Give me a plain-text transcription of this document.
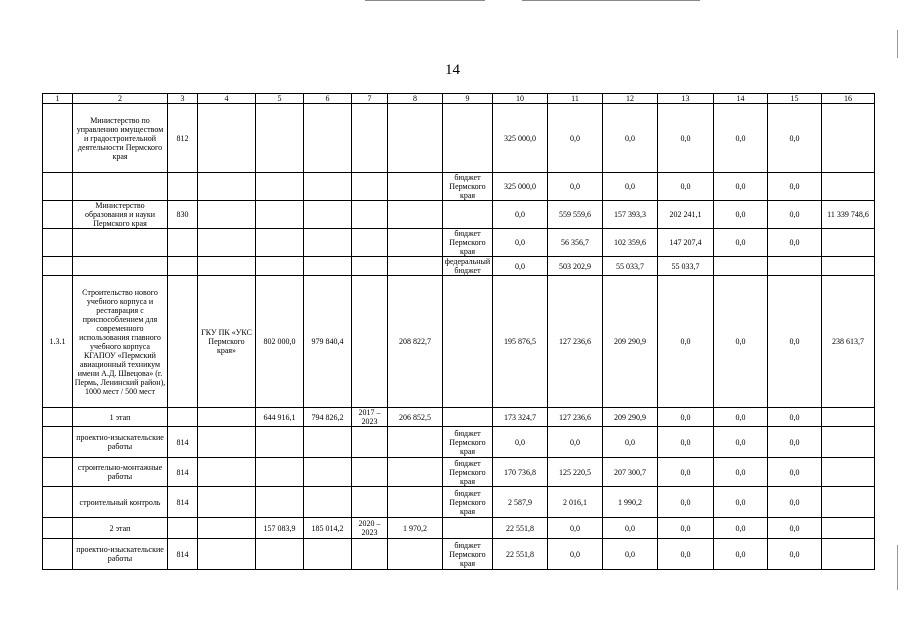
14
1	2	3	4	5	6	7	8	9	10	11	12	13	14	15	16
	Министерство по управлению имуществом и градостроительной деятельности Пермского края	812							325 000,0	0,0	0,0	0,0	0,0	0,0	
								бюджет Пермского края	325 000,0	0,0	0,0	0,0	0,0	0,0	
	Министерство образования и науки Пермского края	830							0,0	559 559,6	157 393,3	202 241,1	0,0	0,0	11 339 748,6
								бюджет Пермского края	0,0	56 356,7	102 359,6	147 207,4	0,0	0,0	
								федеральный бюджет	0,0	503 202,9	55 033,7	55 033,7			
1.3.1	Строительство нового учебного корпуса и реставрация с приспособлением для современного использования главного учебного корпуса КГАПОУ «Пермский авиационный техникум имени А.Д. Швецова» (г. Пермь, Ленинский район), 1000 мест / 500 мест		ГКУ ПК «УКС Пермского края»	802 000,0	979 840,4		208 822,7		195 876,5	127 236,6	209 290,9	0,0	0,0	0,0	238 613,7
	1 этап			644 916,1	794 826,2	2017 – 2023	206 852,5		173 324,7	127 236,6	209 290,9	0,0	0,0	0,0	
	проектно-изыскательские работы	814						бюджет Пермского края	0,0	0,0	0,0	0,0	0,0	0,0	
	строительно-монтажные работы	814						бюджет Пермского края	170 736,8	125 220,5	207 300,7	0,0	0,0	0,0	
	строительный контроль	814						бюджет Пермского края	2 587,9	2 016,1	1 990,2	0,0	0,0	0,0	
	2 этап			157 083,9	185 014,2	2020 – 2023	1 970,2		22 551,8	0,0	0,0	0,0	0,0	0,0	
	проектно-изыскательские работы	814						бюджет Пермского края	22 551,8	0,0	0,0	0,0	0,0	0,0	
